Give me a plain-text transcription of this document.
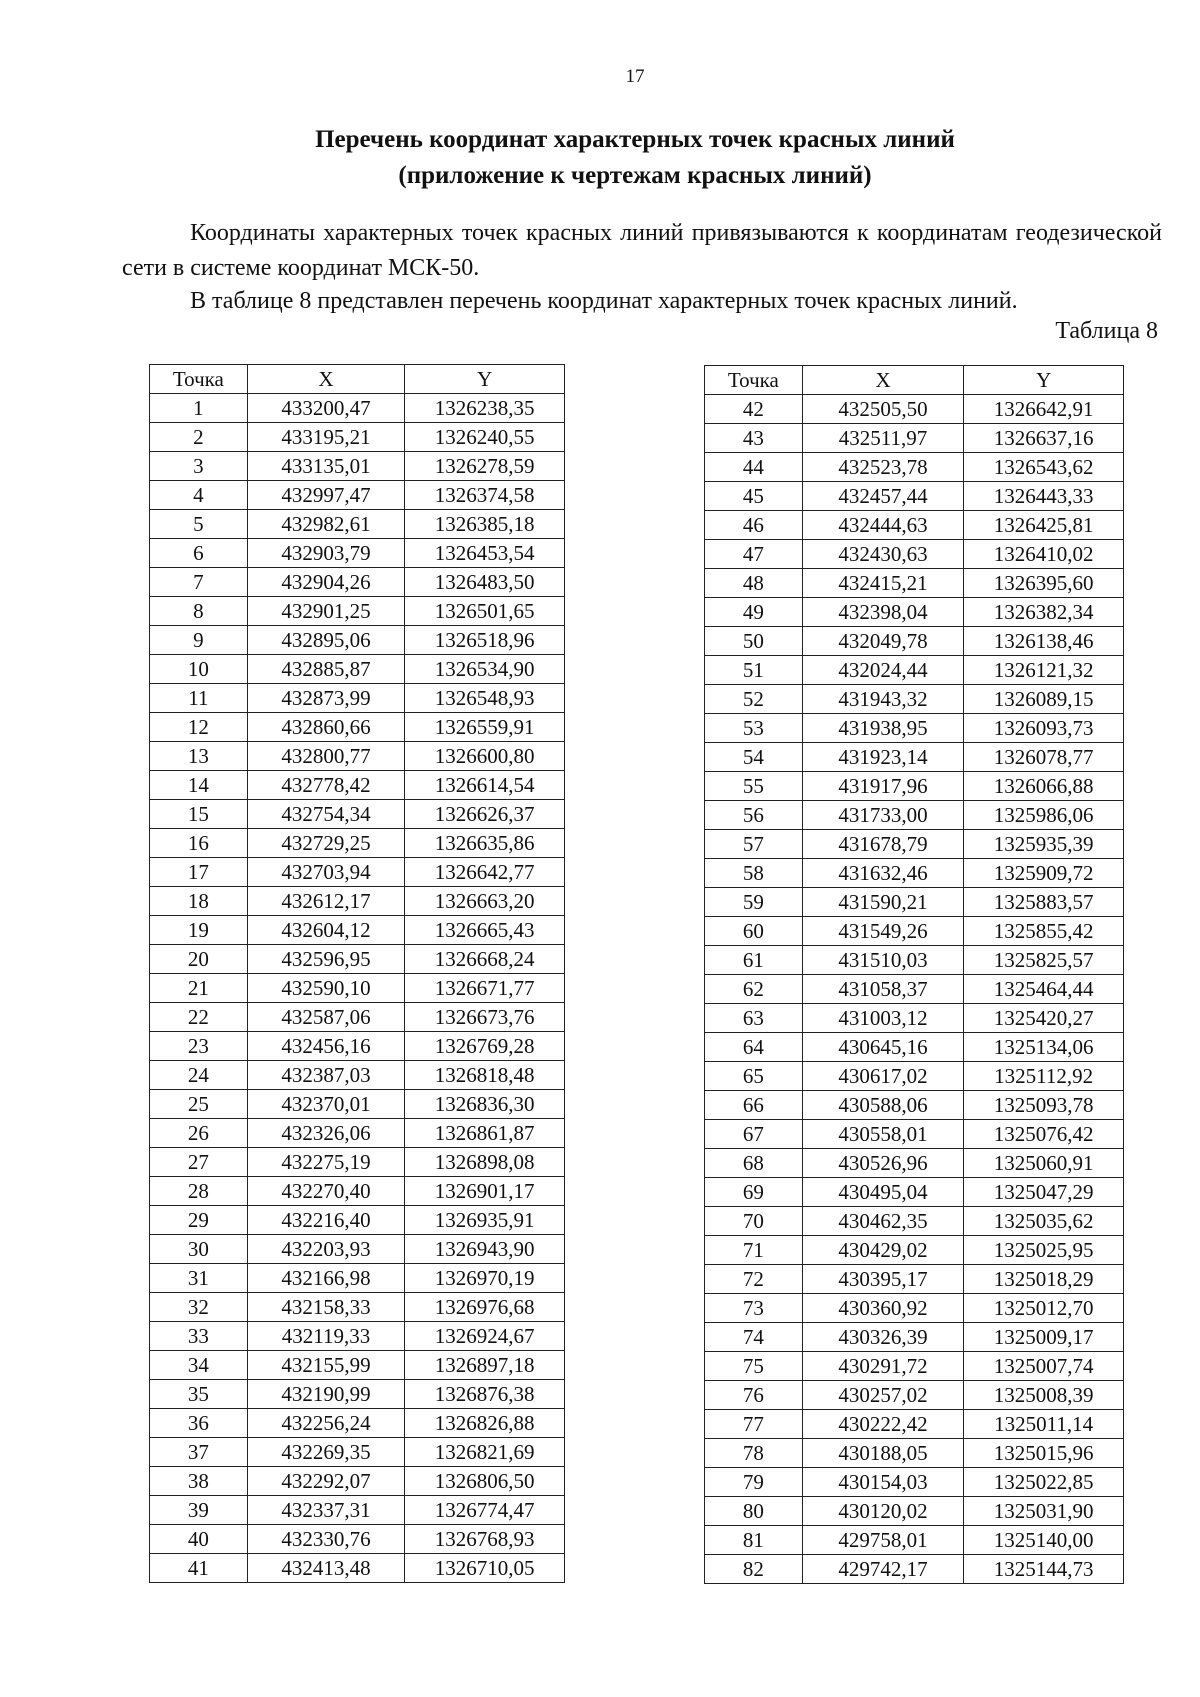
17
Перечень координат характерных точек красных линий
(приложение к чертежам красных линий)
Координаты характерных точек красных линий привязываются к координатам геодезической сети в системе координат МСК-50.
В таблице 8 представлен перечень координат характерных точек красных линий.
Таблица 8
Точка	X	Y
1	433200,47	1326238,35
2	433195,21	1326240,55
3	433135,01	1326278,59
4	432997,47	1326374,58
5	432982,61	1326385,18
6	432903,79	1326453,54
7	432904,26	1326483,50
8	432901,25	1326501,65
9	432895,06	1326518,96
10	432885,87	1326534,90
11	432873,99	1326548,93
12	432860,66	1326559,91
13	432800,77	1326600,80
14	432778,42	1326614,54
15	432754,34	1326626,37
16	432729,25	1326635,86
17	432703,94	1326642,77
18	432612,17	1326663,20
19	432604,12	1326665,43
20	432596,95	1326668,24
21	432590,10	1326671,77
22	432587,06	1326673,76
23	432456,16	1326769,28
24	432387,03	1326818,48
25	432370,01	1326836,30
26	432326,06	1326861,87
27	432275,19	1326898,08
28	432270,40	1326901,17
29	432216,40	1326935,91
30	432203,93	1326943,90
31	432166,98	1326970,19
32	432158,33	1326976,68
33	432119,33	1326924,67
34	432155,99	1326897,18
35	432190,99	1326876,38
36	432256,24	1326826,88
37	432269,35	1326821,69
38	432292,07	1326806,50
39	432337,31	1326774,47
40	432330,76	1326768,93
41	432413,48	1326710,05
Точка	X	Y
42	432505,50	1326642,91
43	432511,97	1326637,16
44	432523,78	1326543,62
45	432457,44	1326443,33
46	432444,63	1326425,81
47	432430,63	1326410,02
48	432415,21	1326395,60
49	432398,04	1326382,34
50	432049,78	1326138,46
51	432024,44	1326121,32
52	431943,32	1326089,15
53	431938,95	1326093,73
54	431923,14	1326078,77
55	431917,96	1326066,88
56	431733,00	1325986,06
57	431678,79	1325935,39
58	431632,46	1325909,72
59	431590,21	1325883,57
60	431549,26	1325855,42
61	431510,03	1325825,57
62	431058,37	1325464,44
63	431003,12	1325420,27
64	430645,16	1325134,06
65	430617,02	1325112,92
66	430588,06	1325093,78
67	430558,01	1325076,42
68	430526,96	1325060,91
69	430495,04	1325047,29
70	430462,35	1325035,62
71	430429,02	1325025,95
72	430395,17	1325018,29
73	430360,92	1325012,70
74	430326,39	1325009,17
75	430291,72	1325007,74
76	430257,02	1325008,39
77	430222,42	1325011,14
78	430188,05	1325015,96
79	430154,03	1325022,85
80	430120,02	1325031,90
81	429758,01	1325140,00
82	429742,17	1325144,73
